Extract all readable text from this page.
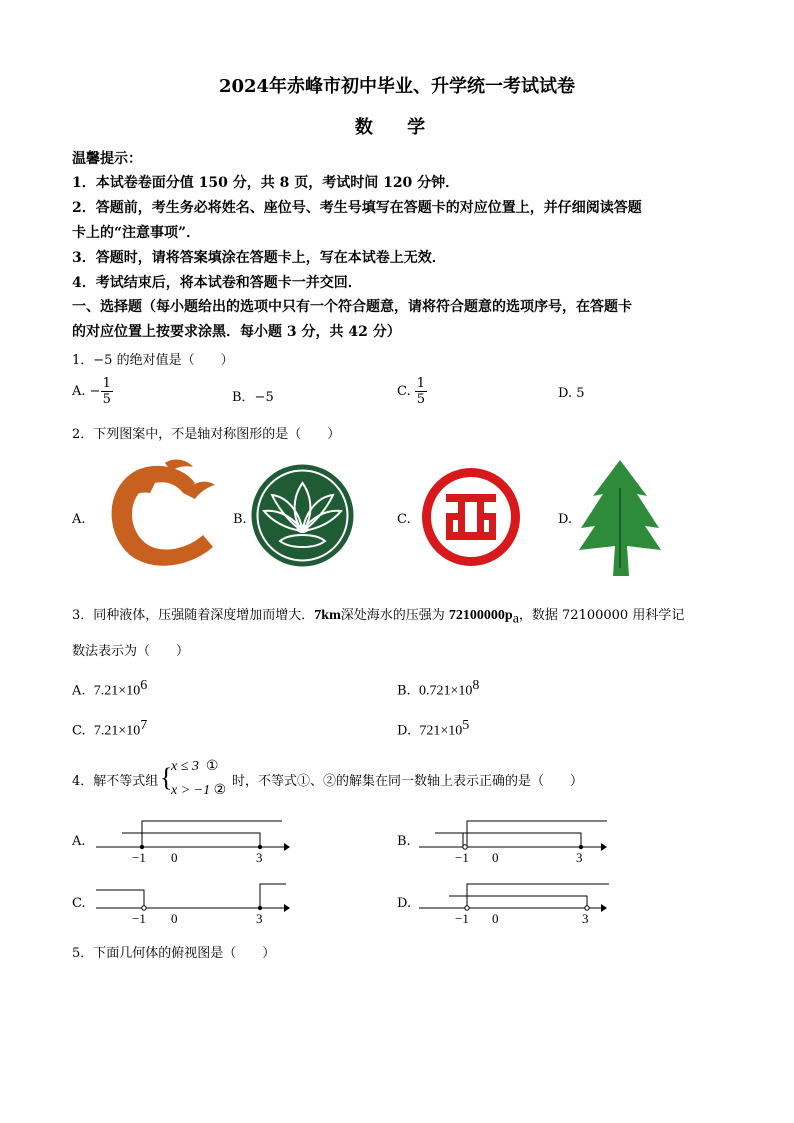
2024年赤峰市初中毕业、升学统一考试试卷
数 学
温馨提示：
1．本试卷卷面分值 150 分，共 8 页，考试时间 120 分钟．
2．答题前，考生务必将姓名、座位号、考生号填写在答题卡的对应位置上，并仔细阅读答题
卡上的“注意事项”．
3．答题时，请将答案填涂在答题卡上，写在本试卷上无效．
4．考试结束后，将本试卷和答题卡一并交回．
一、选择题（每小题给出的选项中只有一个符合题意，请将符合题意的选项序号，在答题卡
的对应位置上按要求涂黑．每小题 3 分，共 42 分）
1．−5 的绝对值是（　　）
A. − $\frac{1}{5}$	B．−5	C. $\frac{1}{5}$	D. 5
2．下列图案中，不是轴对称图形的是（　　）
A.	B.	C.	D.
3．同种液体，压强随着深度增加而增大．7km深处海水的压强为 $72100000p_a$，数据 72100000 用科学记
数法表示为（　　）
A. $7.21\times 10^6$	B. $0.721\times 10^8$
C. $7.21\times 10^7$	D. $721\times 10^5$
4．解不等式组 {
x ≤ 3 ①
x > −1 ②
时，不等式①、②的解集在同一数轴上表示正确的是（　　）
A.	B.
C.	D.
−1 0	3	−1 0	3
−1 0	3	−1 0	3
5．下面几何体的俯视图是（　　）
